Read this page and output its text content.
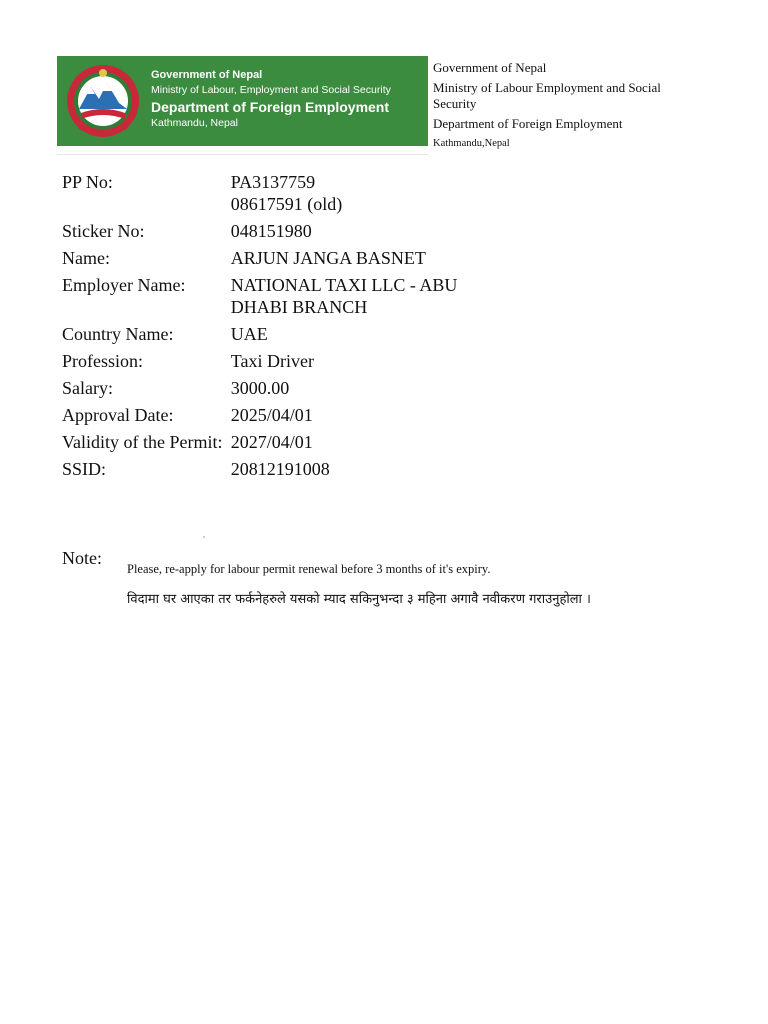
Government of Nepal
Ministry of Labour, Employment and Social Security
Department of Foreign Employment
Kathmandu, Nepal
Government of Nepal
Ministry of Labour Employment and Social Security
Department of Foreign Employment
Kathmandu,Nepal
PP No:	PA3137759
08617591 (old)

Sticker No:	048151980
Name:	ARJUN JANGA BASNET
Employer Name:	NATIONAL TAXI LLC - ABU DHABI BRANCH
Country Name:	UAE
Profession:	Taxi Driver
Salary:	3000.00
Approval Date:	2025/04/01
Validity of the Permit:	2027/04/01
SSID:	20812191008
Note:
Please, re-apply for labour permit renewal before 3 months of it's expiry.
विदामा घर आएका तर फर्कनेहरुले यसको म्याद सकिनुभन्दा ३ महिना अगावै नवीकरण गराउनुहोला ।
